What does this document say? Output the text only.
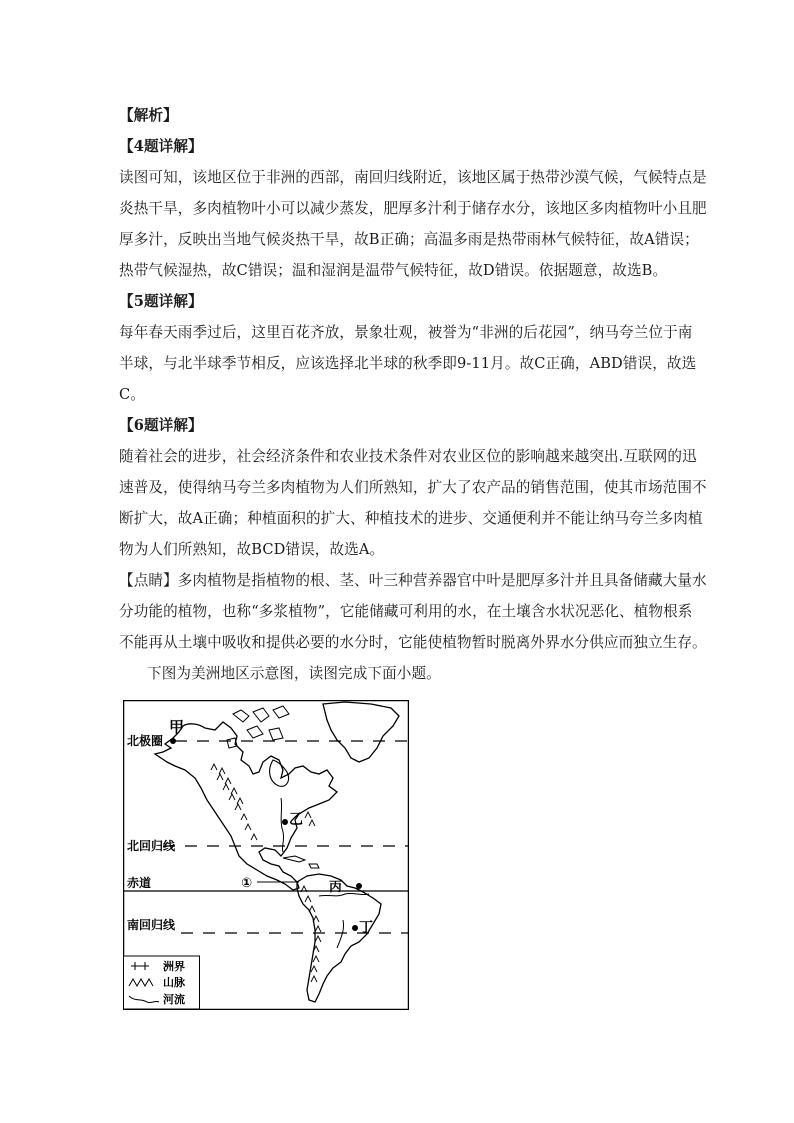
【解析】
【4题详解】
读图可知，该地区位于非洲的西部，南回归线附近，该地区属于热带沙漠气候，气候特点是
炎热干旱，多肉植物叶小可以减少蒸发，肥厚多汁利于储存水分，该地区多肉植物叶小且肥
厚多汁，反映出当地气候炎热干旱，故B正确；高温多雨是热带雨林气候特征，故A错误；
热带气候湿热，故C错误；温和湿润是温带气候特征，故D错误。依据题意，故选B。
【5题详解】
每年春天雨季过后，这里百花齐放，景象壮观，被誉为“非洲的后花园”，纳马夸兰位于南
半球，与北半球季节相反，应该选择北半球的秋季即9-11月。故C正确，ABD错误，故选
C。
【6题详解】
随着社会的进步，社会经济条件和农业技术条件对农业区位的影响越来越突出.互联网的迅
速普及，使得纳马夸兰多肉植物为人们所熟知，扩大了农产品的销售范围，使其市场范围不
断扩大，故A正确；种植面积的扩大、种植技术的进步、交通便利并不能让纳马夸兰多肉植
物为人们所熟知，故BCD错误，故选A。
【点睛】多肉植物是指植物的根、茎、叶三种营养器官中叶是肥厚多汁并且具备储藏大量水
分功能的植物，也称“多浆植物”，它能储藏可利用的水，在土壤含水状况恶化、植物根系
不能再从土壤中吸收和提供必要的水分时，它能使植物暂时脱离外界水分供应而独立生存。
下图为美洲地区示意图，读图完成下面小题。
北极圈
北回归线
赤道
南回归线
甲
乙
丙
丁
①
洲界
山脉
河流
